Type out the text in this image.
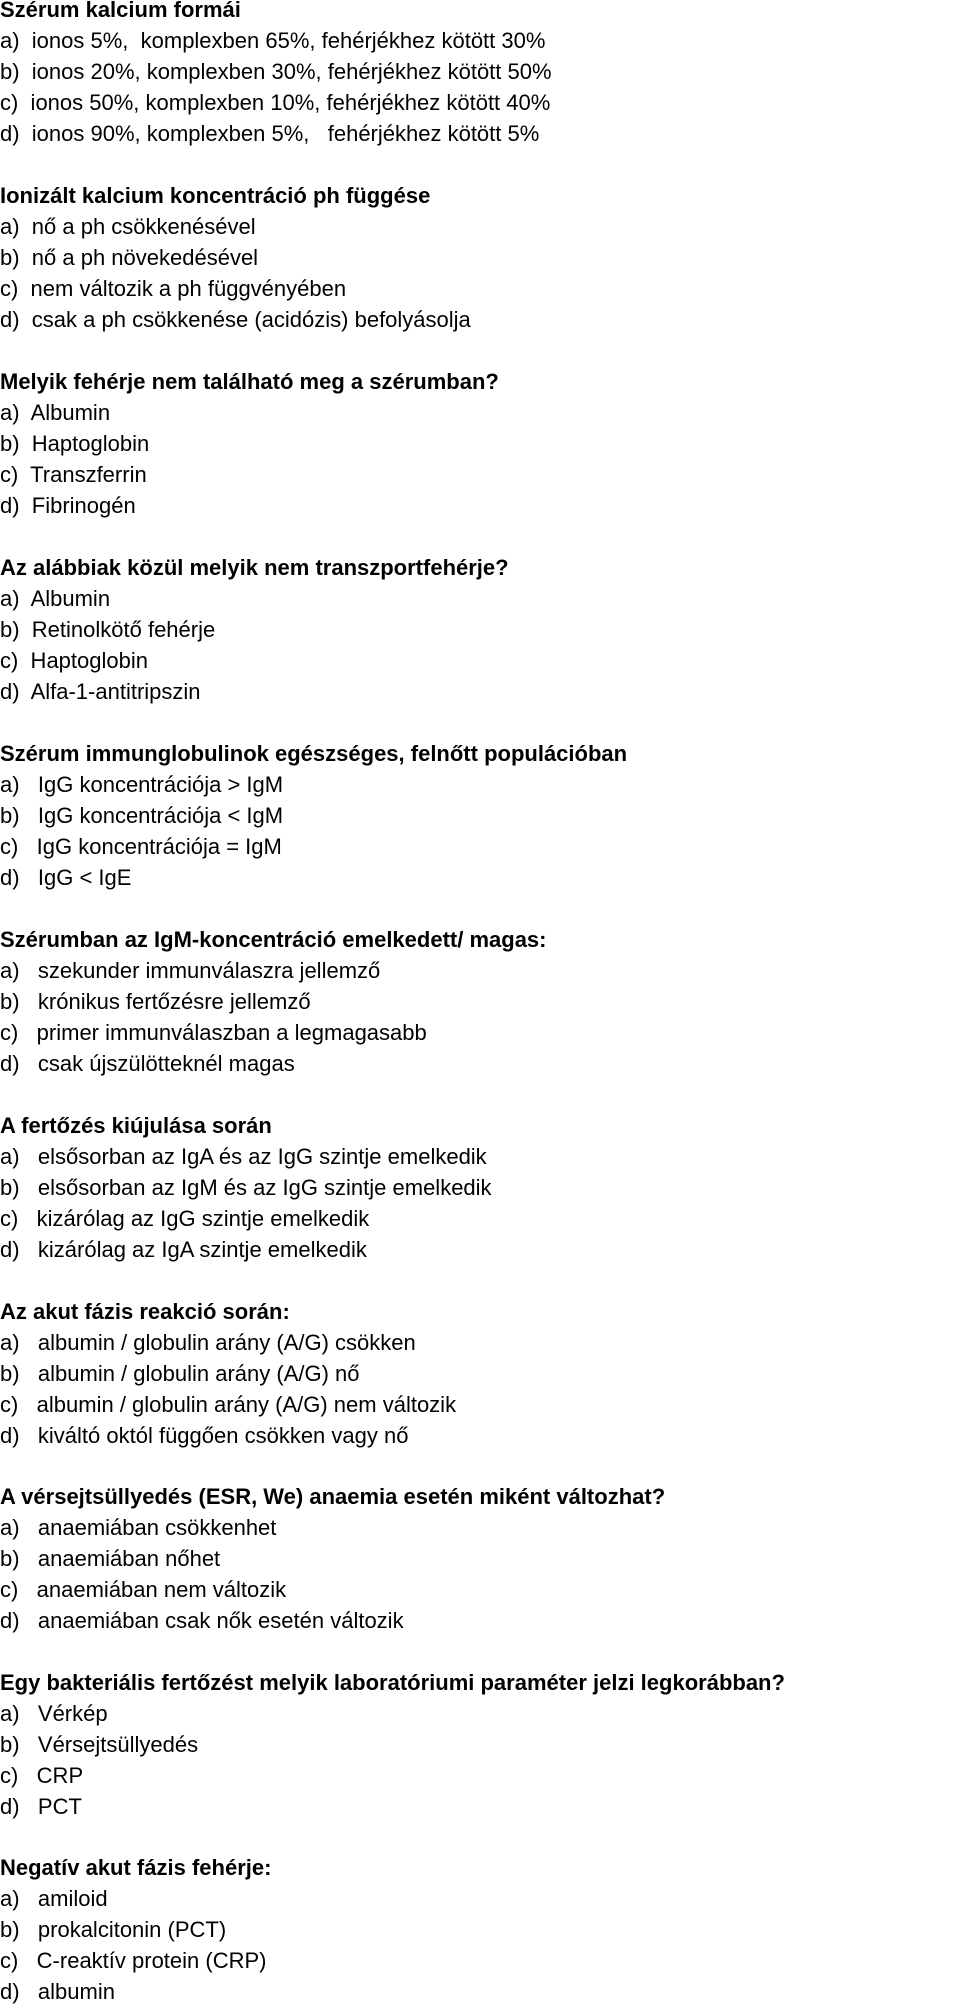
Szérum kalcium formái
a)  ionos 5%,  komplexben 65%, fehérjékhez kötött 30%
b)  ionos 20%, komplexben 30%, fehérjékhez kötött 50%
c)  ionos 50%, komplexben 10%, fehérjékhez kötött 40%
d)  ionos 90%, komplexben 5%,   fehérjékhez kötött 5%
Ionizált kalcium koncentráció ph függése
a)  nő a ph csökkenésével
b)  nő a ph növekedésével
c)  nem változik a ph függvényében
d)  csak a ph csökkenése (acidózis) befolyásolja
Melyik fehérje nem található meg a szérumban?
a)  Albumin
b)  Haptoglobin
c)  Transzferrin
d)  Fibrinogén
Az alábbiak közül melyik nem transzportfehérje?
a)  Albumin
b)  Retinolkötő fehérje
c)  Haptoglobin
d)  Alfa-1-antitripszin
Szérum immunglobulinok egészséges, felnőtt populációban
a)   IgG koncentrációja > IgM
b)   IgG koncentrációja < IgM
c)   IgG koncentrációja = IgM
d)   IgG < IgE
Szérumban az IgM-koncentráció emelkedett/ magas:
a)   szekunder immunválaszra jellemző
b)   krónikus fertőzésre jellemző
c)   primer immunválaszban a legmagasabb
d)   csak újszülötteknél magas
A fertőzés kiújulása során
a)   elsősorban az IgA és az IgG szintje emelkedik
b)   elsősorban az IgM és az IgG szintje emelkedik
c)   kizárólag az IgG szintje emelkedik
d)   kizárólag az IgA szintje emelkedik
Az akut fázis reakció során:
a)   albumin / globulin arány (A/G) csökken
b)   albumin / globulin arány (A/G) nő
c)   albumin / globulin arány (A/G) nem változik
d)   kiváltó októl függően csökken vagy nő
A vérsejtsüllyedés (ESR, We) anaemia esetén miként változhat?
a)   anaemiában csökkenhet
b)   anaemiában nőhet
c)   anaemiában nem változik
d)   anaemiában csak nők esetén változik
Egy bakteriális fertőzést melyik laboratóriumi paraméter jelzi legkorábban?
a)   Vérkép
b)   Vérsejtsüllyedés
c)   CRP
d)   PCT
Negatív akut fázis fehérje:
a)   amiloid
b)   prokalcitonin (PCT)
c)   C-reaktív protein (CRP)
d)   albumin
